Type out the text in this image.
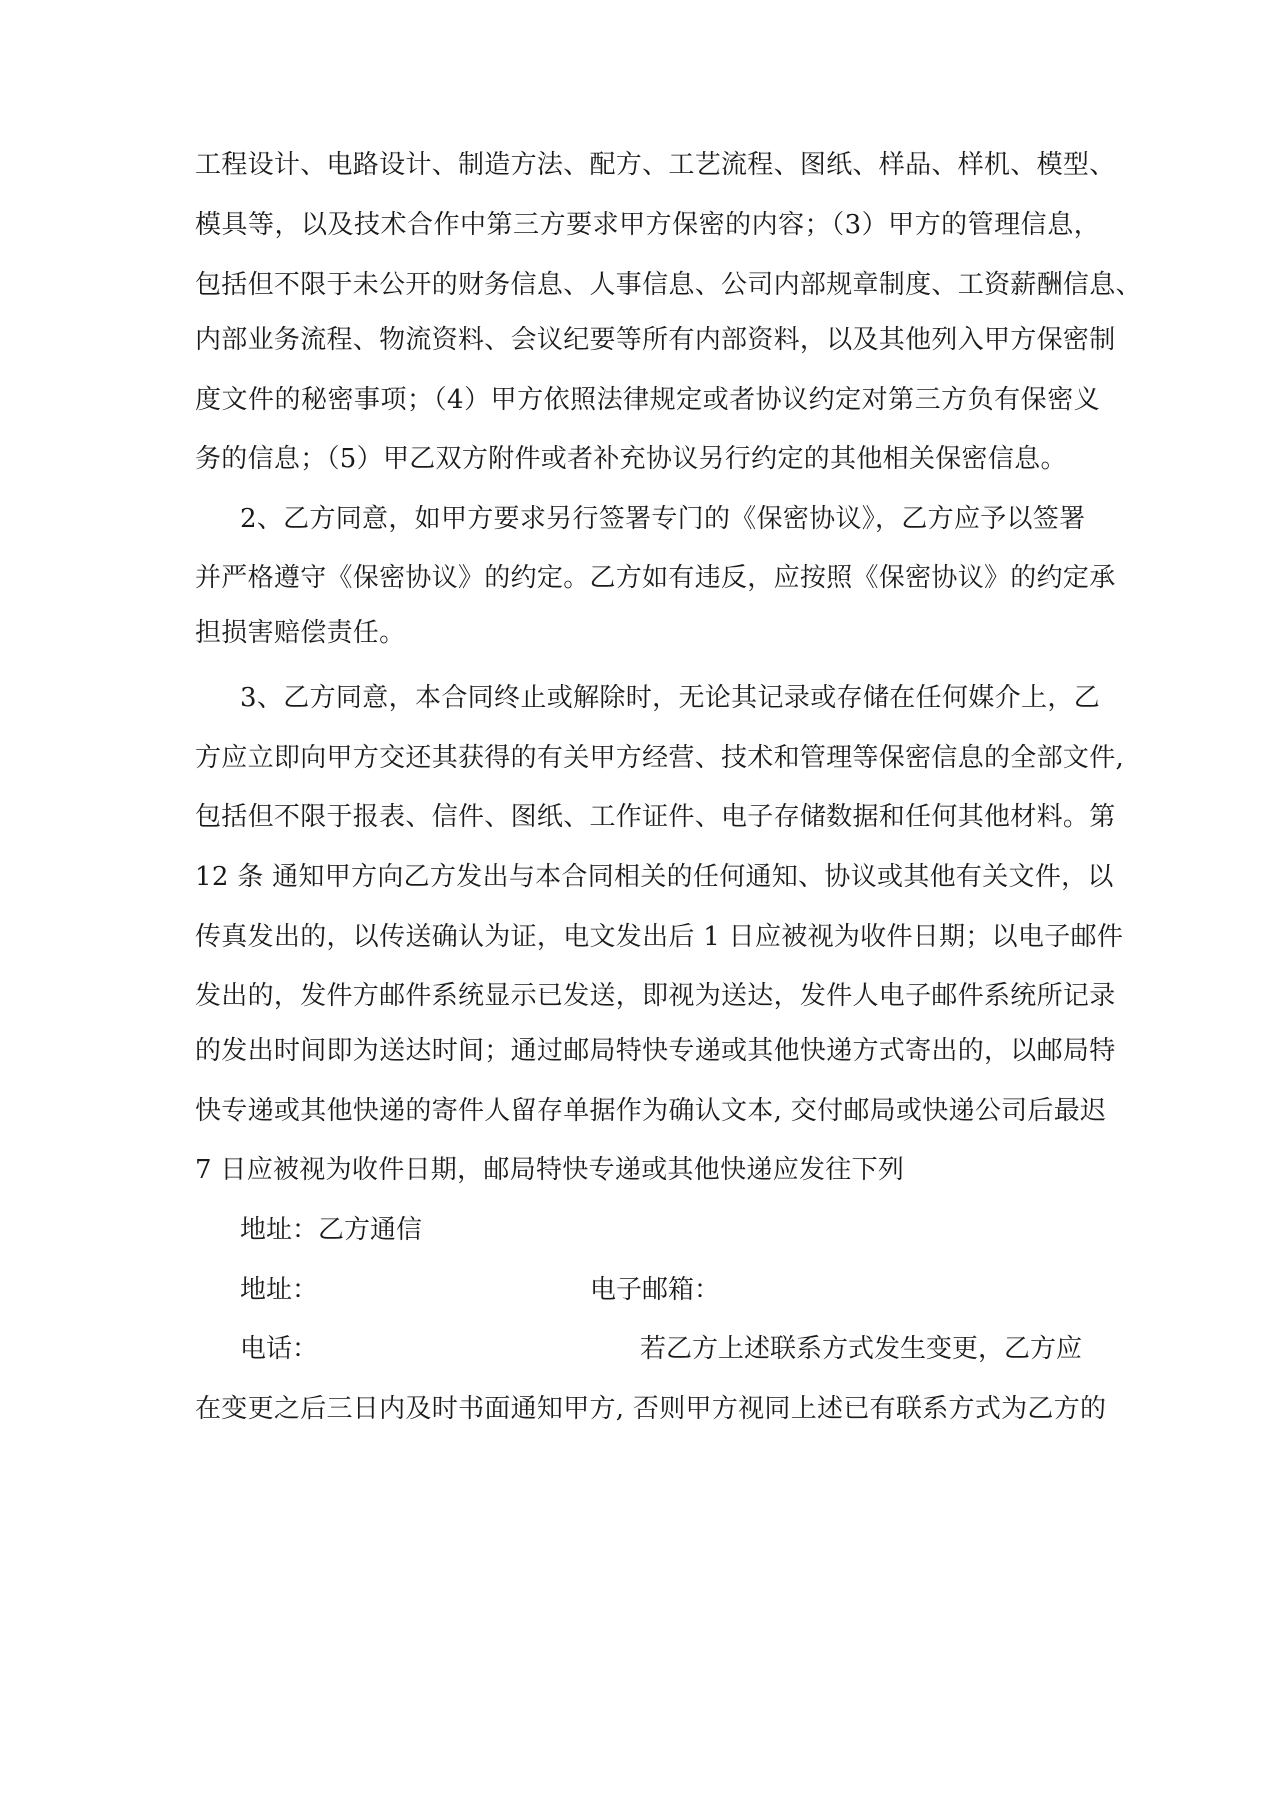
工程设计、电路设计、制造方法、配方、工艺流程、图纸、样品、样机、模型、
模具等，以及技术合作中第三方要求甲方保密的内容；（3）甲方的管理信息，
包括但不限于未公开的财务信息、人事信息、公司内部规章制度、工资薪酬信息、
内部业务流程、物流资料、会议纪要等所有内部资料，以及其他列入甲方保密制
度文件的秘密事项；（4）甲方依照法律规定或者协议约定对第三方负有保密义
务的信息；（5）甲乙双方附件或者补充协议另行约定的其他相关保密信息。
2、乙方同意，如甲方要求另行签署专门的《保密协议》，乙方应予以签署
并严格遵守《保密协议》的约定。乙方如有违反，应按照《保密协议》的约定承
担损害赔偿责任。
3、乙方同意，本合同终止或解除时，无论其记录或存储在任何媒介上，乙
方应立即向甲方交还其获得的有关甲方经营、技术和管理等保密信息的全部文件,
包括但不限于报表、信件、图纸、工作证件、电子存储数据和任何其他材料。第
12 条 通知甲方向乙方发出与本合同相关的任何通知、协议或其他有关文件，以
传真发出的，以传送确认为证，电文发出后 1 日应被视为收件日期；以电子邮件
发出的，发件方邮件系统显示已发送，即视为送达，发件人电子邮件系统所记录
的发出时间即为送达时间；通过邮局特快专递或其他快递方式寄出的，以邮局特
快专递或其他快递的寄件人留存单据作为确认文本, 交付邮局或快递公司后最迟
7 日应被视为收件日期，邮局特快专递或其他快递应发往下列
地址：乙方通信
地址：	电子邮箱：
电话：	若乙方上述联系方式发生变更，乙方应
在变更之后三日内及时书面通知甲方, 否则甲方视同上述已有联系方式为乙方的
